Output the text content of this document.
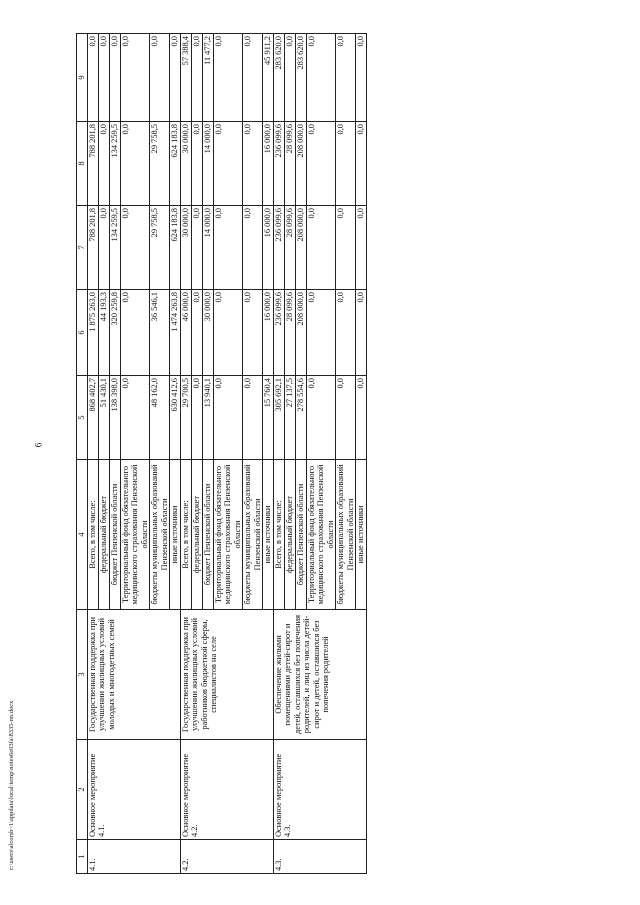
6
c:\users\alcorsh~1\appdata\local\temp\notes6e03fa\8335-nn.docx	1	2	3	4	5	6	7	8	9
4.1.	Основное мероприятие 4.1.	Государственная поддержка при улучшении жилищных условий молодых и многодетных семей	Всего, в том числе:	868 402,7	1 875 263,0	788 201,8	788 201,8	0,0
			федеральный бюджет	51 430,1	44 193,3	0,0	0,0	0,0
			бюджет Пензенской области	138 398,0	320 259,8	134 259,5	134 259,5	0,0
			Территориальный фонд обязательного медицинского страхования Пензенской области	0,0	0,0	0,0	0,0	0,0
			бюджеты муниципальных образований Пензенской области	48 162,0	36 546,1	29 758,5	29 758,5	0,0
			иные источники	630 412,6	1 474 263,8	624 183,8	624 183,8	0,0
4.2.	Основное мероприятие 4.2.	Государственная поддержка при улучшении жилищных условий работников бюджетной сферы, специалистов на селе	Всего, в том числе:	29 700,5	46 000,0	30 000,0	30 000,0	57 388,4
			федеральный бюджет	0,0	0,0	0,0	0,0	0,0
			бюджет Пензенской области	13 940,1	30 000,0	14 000,0	14 000,0	11 477,2
			Территориальный фонд обязательного медицинского страхования Пензенской области	0,0	0,0	0,0	0,0	0,0
			бюджеты муниципальных образований Пензенской области	0,0	0,0	0,0	0,0	0,0
			иные источники	15 760,4	16 000,0	16 000,0	16 000,0	45 911,2
4.3.	Основное мероприятие 4.3.	Обеспечение жилыми помещениями детей-сирот и детей, оставшихся без попечения родителей, и лиц из числа детей-сирот и детей, оставшихся без попечения родителей	Всего, в том числе:	305 692,1	236 099,6	236 099,6	236 099,6	283 620,0
			федеральный бюджет	27 137,5	28 099,6	28 099,6	28 099,6	0,0
			бюджет Пензенской области	278 554,6	208 000,0	208 000,0	208 000,0	283 620,0
			Территориальный фонд обязательного медицинского страхования Пензенской области	0,0	0,0	0,0	0,0	0,0
			бюджеты муниципальных образований Пензенской области	0,0	0,0	0,0	0,0	0,0
			иные источники	0,0	0,0	0,0	0,0	0,0
